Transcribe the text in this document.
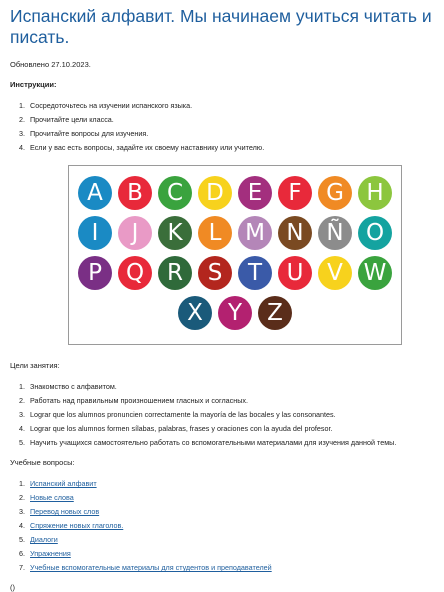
Испанский алфавит. Мы начинаем учиться читать и писать.

Обновлено 27.10.2023.

Инструкции:

1. Сосредоточьтесь на изучении испанского языка.
2. Прочитайте цели класса.
3. Прочитайте вопросы для изучения.
4. Если у вас есть вопросы, задайте их своему наставнику или учителю.
A	B	C	D	E	F	G H
I	J	K	L	M N Ñ O
P	Q R	S	T	U	V W
X	Y	Z

Цели занятия:

1. Знакомство с алфавитом.
2. Работать над правильным произношением гласных и согласных.
3. Lograr que los alumnos pronuncien correctamente la mayoría de las bocales y las consonantes.
4. Lograr que los alumnos formen sílabas, palabras, frases y oraciones con la ayuda del profesor.
5. Научить учащихся самостоятельно работать со вспомогательными материалами для изучения данной темы.

Учебные вопросы:

1. Испанский алфавит
2. Новые слова
3. Перевод новых слов
4. Спряжение новых глаголов.
5. Диалоги
6. Упражнения
7. Учебные вспомогательные материалы для студентов и преподавателей
()
